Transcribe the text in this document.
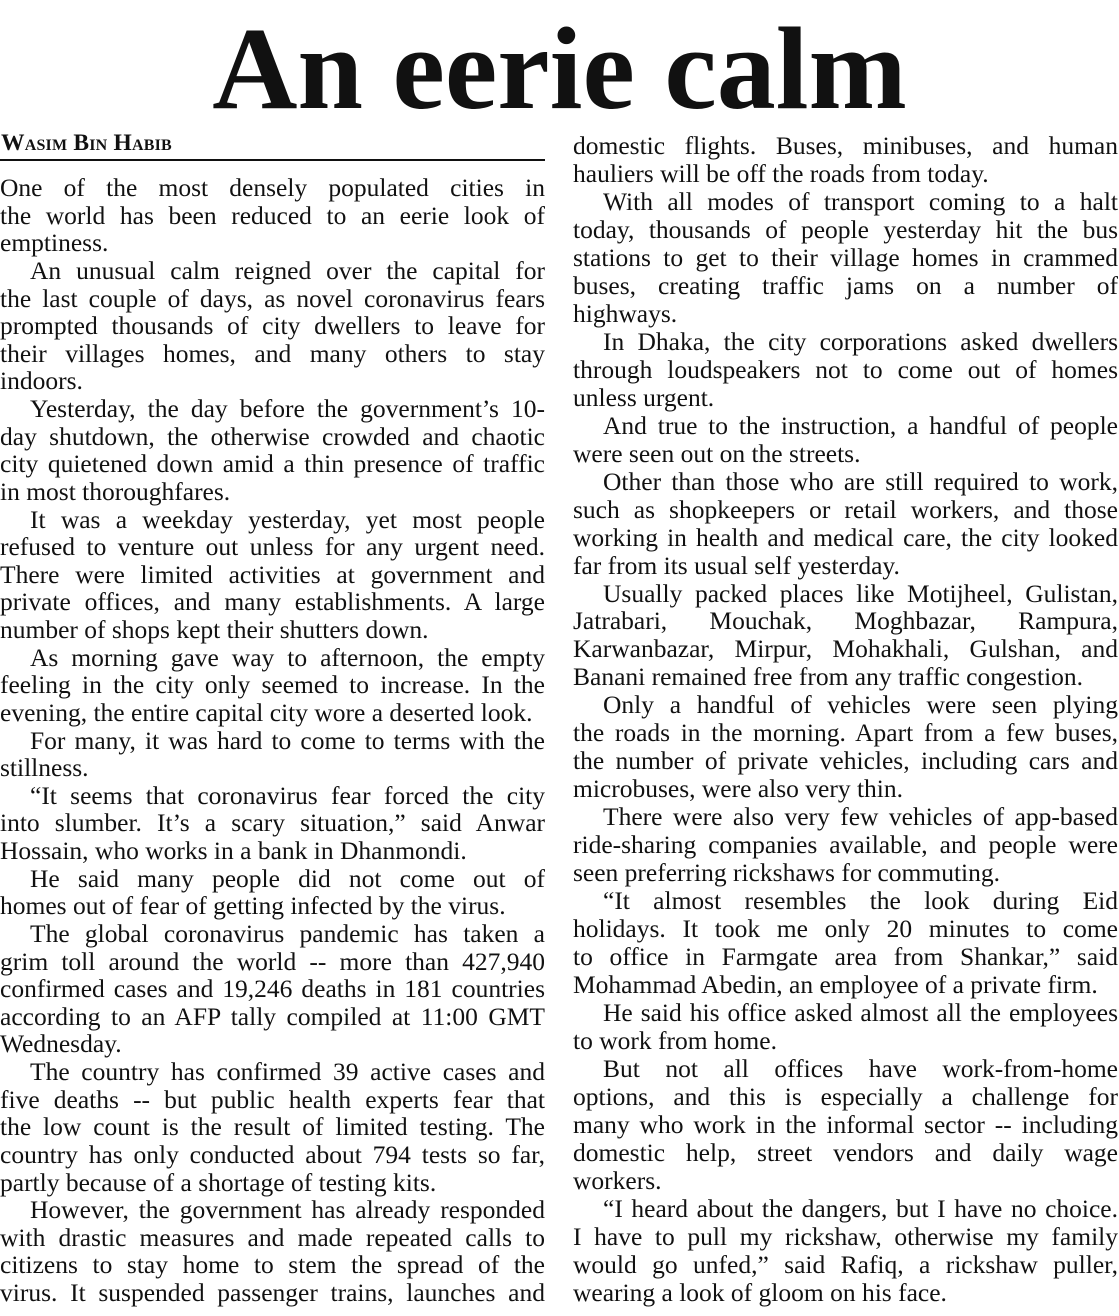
An eerie calm
Wasim Bin Habib
One of the most densely populated cities in
the world has been reduced to an eerie look of
emptiness.
An unusual calm reigned over the capital for
the last couple of days, as novel coronavirus fears
prompted thousands of city dwellers to leave for
their villages homes, and many others to stay
indoors.
Yesterday, the day before the government’s 10-
day shutdown, the otherwise crowded and chaotic
city quietened down amid a thin presence of traffic
in most thoroughfares.
It was a weekday yesterday, yet most people
refused to venture out unless for any urgent need.
There were limited activities at government and
private offices, and many establishments. A large
number of shops kept their shutters down.
As morning gave way to afternoon, the empty
feeling in the city only seemed to increase. In the
evening, the entire capital city wore a deserted look.
For many, it was hard to come to terms with the
stillness.
“It seems that coronavirus fear forced the city
into slumber. It’s a scary situation,” said Anwar
Hossain, who works in a bank in Dhanmondi.
He said many people did not come out of
homes out of fear of getting infected by the virus.
The global coronavirus pandemic has taken a
grim toll around the world -- more than 427,940
confirmed cases and 19,246 deaths in 181 countries
according to an AFP tally compiled at 11:00 GMT
Wednesday.
The country has confirmed 39 active cases and
five deaths -- but public health experts fear that
the low count is the result of limited testing. The
country has only conducted about 794 tests so far,
partly because of a shortage of testing kits.
However, the government has already responded
with drastic measures and made repeated calls to
citizens to stay home to stem the spread of the
virus. It suspended passenger trains, launches and
domestic flights. Buses, minibuses, and human
hauliers will be off the roads from today.
With all modes of transport coming to a halt
today, thousands of people yesterday hit the bus
stations to get to their village homes in crammed
buses, creating traffic jams on a number of
highways.
In Dhaka, the city corporations asked dwellers
through loudspeakers not to come out of homes
unless urgent.
And true to the instruction, a handful of people
were seen out on the streets.
Other than those who are still required to work,
such as shopkeepers or retail workers, and those
working in health and medical care, the city looked
far from its usual self yesterday.
Usually packed places like Motijheel, Gulistan,
Jatrabari, Mouchak, Moghbazar, Rampura,
Karwanbazar, Mirpur, Mohakhali, Gulshan, and
Banani remained free from any traffic congestion.
Only a handful of vehicles were seen plying
the roads in the morning. Apart from a few buses,
the number of private vehicles, including cars and
microbuses, were also very thin.
There were also very few vehicles of app-based
ride-sharing companies available, and people were
seen preferring rickshaws for commuting.
“It almost resembles the look during Eid
holidays. It took me only 20 minutes to come
to office in Farmgate area from Shankar,” said
Mohammad Abedin, an employee of a private firm.
He said his office asked almost all the employees
to work from home.
But not all offices have work-from-home
options, and this is especially a challenge for
many who work in the informal sector -- including
domestic help, street vendors and daily wage
workers.
“I heard about the dangers, but I have no choice.
I have to pull my rickshaw, otherwise my family
would go unfed,” said Rafiq, a rickshaw puller,
wearing a look of gloom on his face.
